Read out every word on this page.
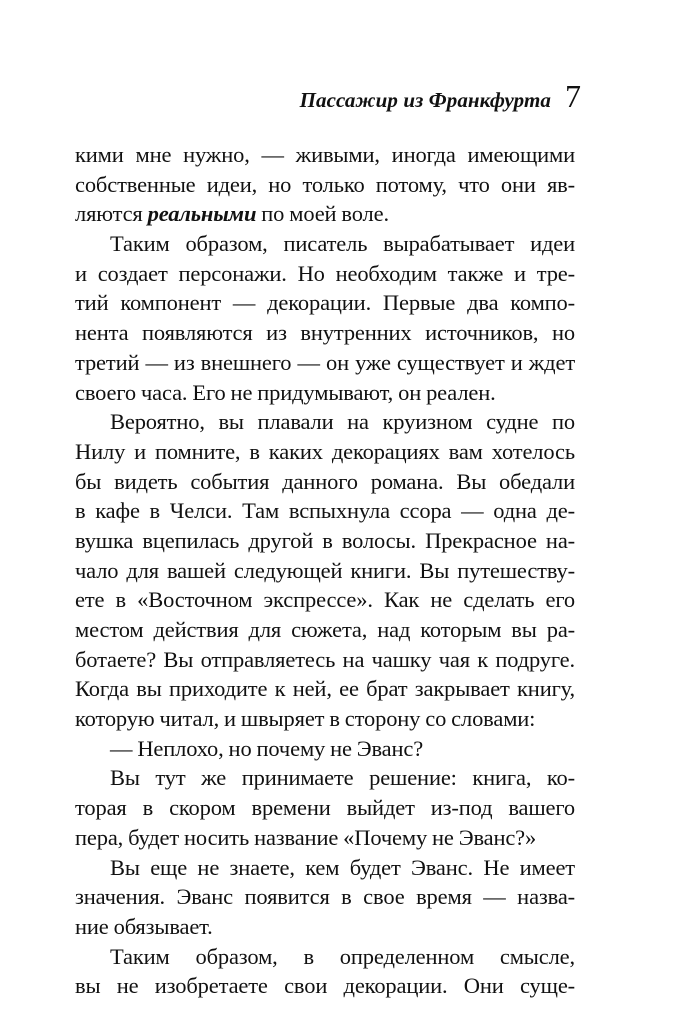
Пассажир из Франкфурта 7
кими мне нужно, — живыми, иногда имеющими
собственные идеи, но только потому, что они яв-
ляются реальными по моей воле.
Таким образом, писатель вырабатывает идеи
и создает персонажи. Но необходим также и тре-
тий компонент — декорации. Первые два компо-
нента появляются из внутренних источников, но
третий — из внешнего — он уже существует и ждет
своего часа. Его не придумывают, он реален.
Вероятно, вы плавали на круизном судне по
Нилу и помните, в каких декорациях вам хотелось
бы видеть события данного романа. Вы обедали
в кафе в Челси. Там вспыхнула ссора — одна де-
вушка вцепилась другой в волосы. Прекрасное на-
чало для вашей следующей книги. Вы путешеству-
ете в «Восточном экспрессе». Как не сделать его
местом действия для сюжета, над которым вы ра-
ботаете? Вы отправляетесь на чашку чая к подруге.
Когда вы приходите к ней, ее брат закрывает книгу,
которую читал, и швыряет в сторону со словами:
— Неплохо, но почему не Эванс?
Вы тут же принимаете решение: книга, ко-
торая в скором времени выйдет из-под вашего
пера, будет носить название «Почему не Эванс?»
Вы еще не знаете, кем будет Эванс. Не имеет
значения. Эванс появится в свое время — назва-
ние обязывает.
Таким образом, в определенном смысле,
вы не изобретаете свои декорации. Они суще-
